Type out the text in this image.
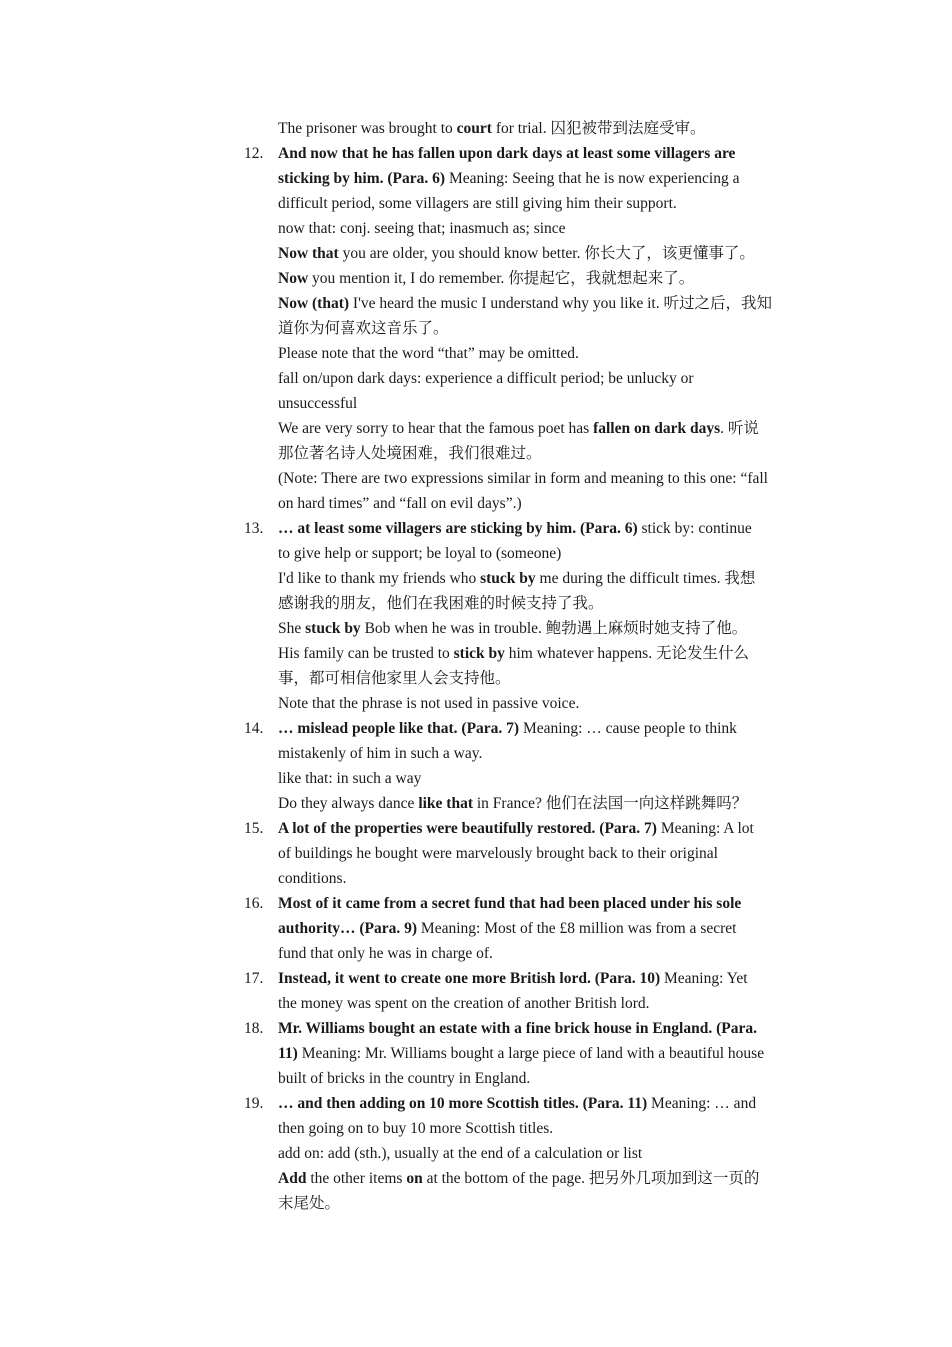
The prisoner was brought to court for trial. 囚犯被带到法庭受审。
12. And now that he has fallen upon dark days at least some villagers are
sticking by him. (Para. 6) Meaning: Seeing that he is now experiencing a
difficult period, some villagers are still giving him their support.
now that: conj. seeing that; inasmuch as; since
Now that you are older, you should know better. 你长大了，该更懂事了。
Now you mention it, I do remember. 你提起它，我就想起来了。
Now (that) I've heard the music I understand why you like it. 听过之后，我知
道你为何喜欢这音乐了。
Please note that the word “that” may be omitted.
fall on/upon dark days: experience a difficult period; be unlucky or
unsuccessful
We are very sorry to hear that the famous poet has fallen on dark days. 听说
那位著名诗人处境困难，我们很难过。
(Note: There are two expressions similar in form and meaning to this one: “fall
on hard times” and “fall on evil days”.)
13. … at least some villagers are sticking by him. (Para. 6) stick by: continue
to give help or support; be loyal to (someone)
I'd like to thank my friends who stuck by me during the difficult times. 我想
感谢我的朋友，他们在我困难的时候支持了我。
She stuck by Bob when he was in trouble. 鲍勃遇上麻烦时她支持了他。
His family can be trusted to stick by him whatever happens. 无论发生什么
事，都可相信他家里人会支持他。
Note that the phrase is not used in passive voice.
14. … mislead people like that. (Para. 7) Meaning: … cause people to think
mistakenly of him in such a way.
like that: in such a way
Do they always dance like that in France? 他们在法国一向这样跳舞吗？
15. A lot of the properties were beautifully restored. (Para. 7) Meaning: A lot
of buildings he bought were marvelously brought back to their original
conditions.
16. Most of it came from a secret fund that had been placed under his sole
authority… (Para. 9) Meaning: Most of the £8 million was from a secret
fund that only he was in charge of.
17. Instead, it went to create one more British lord. (Para. 10) Meaning: Yet
the money was spent on the creation of another British lord.
18. Mr. Williams bought an estate with a fine brick house in England. (Para.
11) Meaning: Mr. Williams bought a large piece of land with a beautiful house
built of bricks in the country in England.
19. … and then adding on 10 more Scottish titles. (Para. 11) Meaning: … and
then going on to buy 10 more Scottish titles.
add on: add (sth.), usually at the end of a calculation or list
Add the other items on at the bottom of the page. 把另外几项加到这一页的
末尾处。
